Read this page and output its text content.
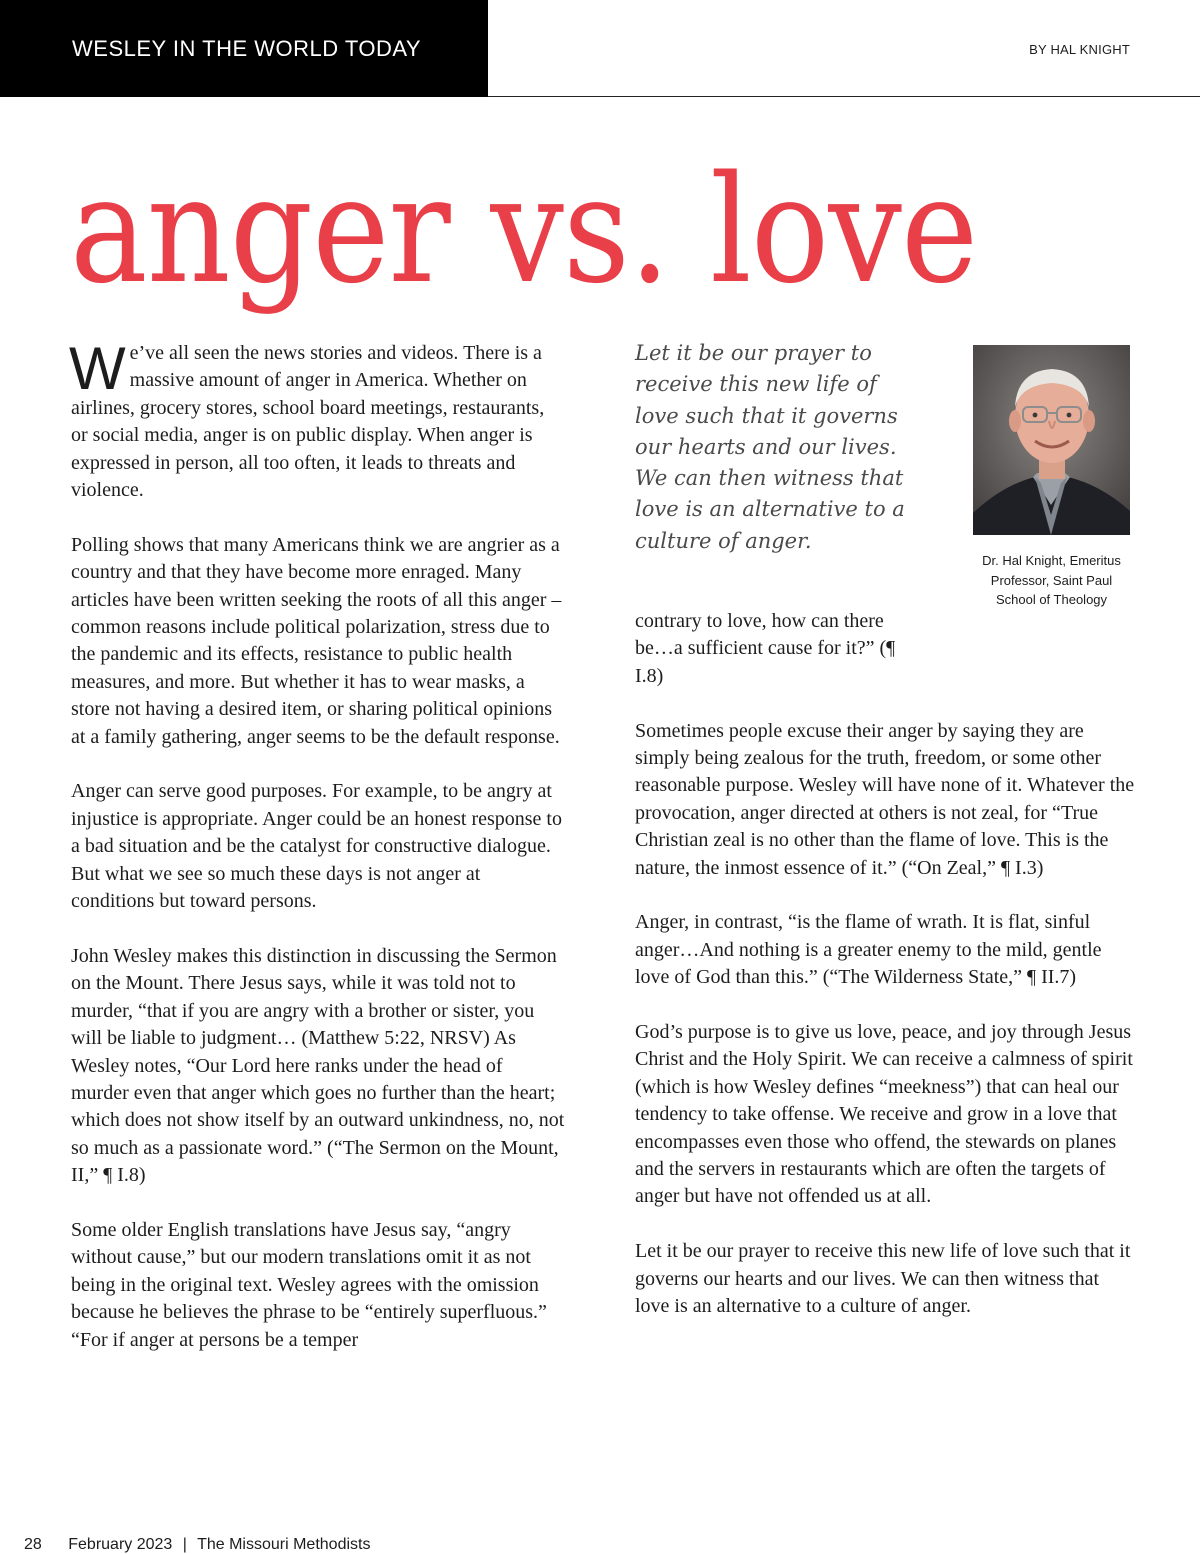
WESLEY IN THE WORLD TODAY	BY HAL KNIGHT
anger vs. love

We’ve all seen the news stories and videos. There is a massive amount of anger in America. Whether on airlines, grocery stores, school board meetings, restaurants, or social media, anger is on public display. When anger is expressed in person, all too often, it leads to threats and violence.

Polling shows that many Americans think we are angrier as a country and that they have become more enraged. Many articles have been written seeking the roots of all this anger – common reasons include political polarization, stress due to the pandemic and its effects, resistance to public health measures, and more. But whether it has to wear masks, a store not having a desired item, or sharing political opinions at a family gathering, anger seems to be the default response.

Anger can serve good purposes. For example, to be angry at injustice is appropriate. Anger could be an honest response to a bad situation and be the catalyst for constructive dialogue. But what we see so much these days is not anger at conditions but toward persons.

John Wesley makes this distinction in discussing the Sermon on the Mount. There Jesus says, while it was told not to murder, “that if you are angry with a brother or sister, you will be liable to judgment… (Matthew 5:22, NRSV) As Wesley notes, “Our Lord here ranks under the head of murder even that anger which goes no further than the heart; which does not show itself by an outward unkindness, no, not so much as a passionate word.” (“The Sermon on the Mount, II,” ¶ I.8)

Some older English translations have Jesus say, “angry without cause,” but our modern translations omit it as not being in the original text. Wesley agrees with the omission because he believes the phrase to be “entirely superfluous.” “For if anger at persons be a temper

Let it be our prayer to receive this new life of love such that it governs our hearts and our lives. We can then witness that love is an alternative to a culture of anger.
Dr. Hal Knight, Emeritus Professor, Saint Paul School of Theology

contrary to love, how can there be…a sufficient cause for it?” (¶ I.8)

Sometimes people excuse their anger by saying they are simply being zealous for the truth, freedom, or some other reasonable purpose. Wesley will have none of it. Whatever the provocation, anger directed at others is not zeal, for “True Christian zeal is no other than the flame of love. This is the nature, the inmost essence of it.” (“On Zeal,” ¶ I.3)

Anger, in contrast, “is the flame of wrath. It is flat, sinful anger…And nothing is a greater enemy to the mild, gentle love of God than this.” (“The Wilderness State,” ¶ II.7)

God’s purpose is to give us love, peace, and joy through Jesus Christ and the Holy Spirit. We can receive a calmness of spirit (which is how Wesley defines “meekness”) that can heal our tendency to take offense. We receive and grow in a love that encompasses even those who offend, the stewards on planes and the servers in restaurants which are often the targets of anger but have not offended us at all.

Let it be our prayer to receive this new life of love such that it governs our hearts and our lives. We can then witness that love is an alternative to a culture of anger.

28 February 2023 | The Missouri Methodists
